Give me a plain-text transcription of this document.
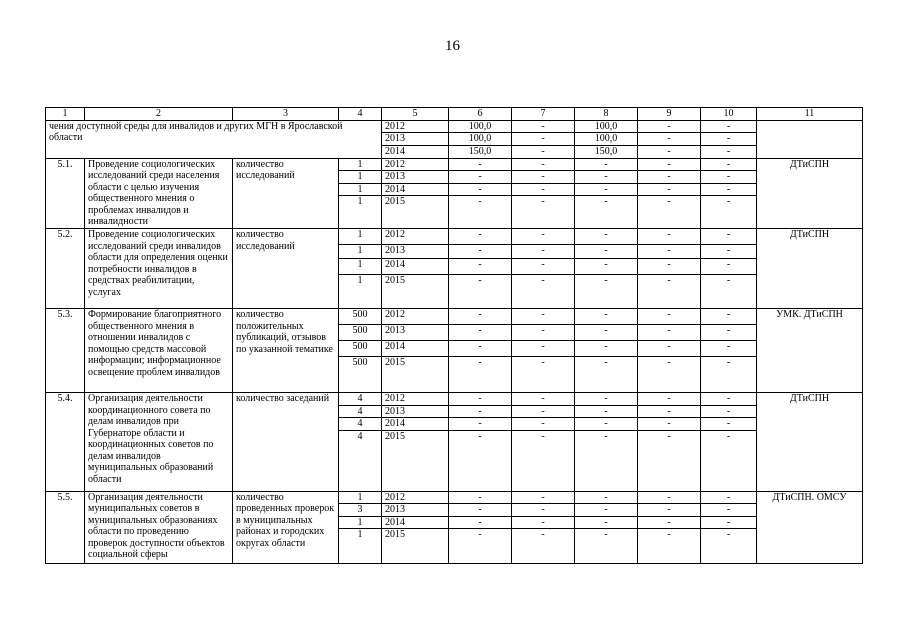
16
1	2	3	4	5	6	7	8	9	10	11
чения доступной среды для инвалидов и других МГН в Ярославской области				2012	100,0	-	100,0	-	-	
				2013	100,0	-	100,0	-	-	
				2014	150,0	-	150,0	-	-	
5.1.	Проведение социологических исследований среди населения области с целью изучения общественного мнения о проблемах инвалидов и инвалидности	количество исследований	1	2012	-	-	-	-	-	ДТиСПН
			1	2013	-	-	-	-	-	
			1	2014	-	-	-	-	-	
			1	2015	-	-	-	-	-	
5.2.	Проведение социологических исследований среди инвалидов области для определения оценки потребности инвалидов в средствах реабилитации, услугах	количество исследований	1	2012	-	-	-	-	-	ДТиСПН
			1	2013	-	-	-	-	-	
			1	2014	-	-	-	-	-	
			1	2015	-	-	-	-	-	
5.3.	Формирование благоприятного общественного мнения в отношении инвалидов с помощью средств массовой информации; информационное освещение проблем инвалидов	количество положительных публикаций, отзывов по указанной тематике	500	2012	-	-	-	-	-	УМК. ДТиСПН
			500	2013	-	-	-	-	-	
			500	2014	-	-	-	-	-	
			500	2015	-	-	-	-	-	
5.4.	Организация деятельности координационного совета по делам инвалидов при Губернаторе области и координационных советов по делам инвалидов муниципальных образований области	количество заседаний	4	2012	-	-	-	-	-	ДТиСПН
			4	2013	-	-	-	-	-	
			4	2014	-	-	-	-	-	
			4	2015	-	-	-	-	-	
5.5.	Организация деятельности муниципальных советов в муниципальных образованиях области по проведению проверок доступности объектов социальной сферы	количество проведенных проверок в муниципальных районах и городских округах области	1	2012	-	-	-	-	-	ДТиСПН. ОМСУ
			3	2013	-	-	-	-	-	
			1	2014	-	-	-	-	-	
			1	2015	-	-	-	-	-	
